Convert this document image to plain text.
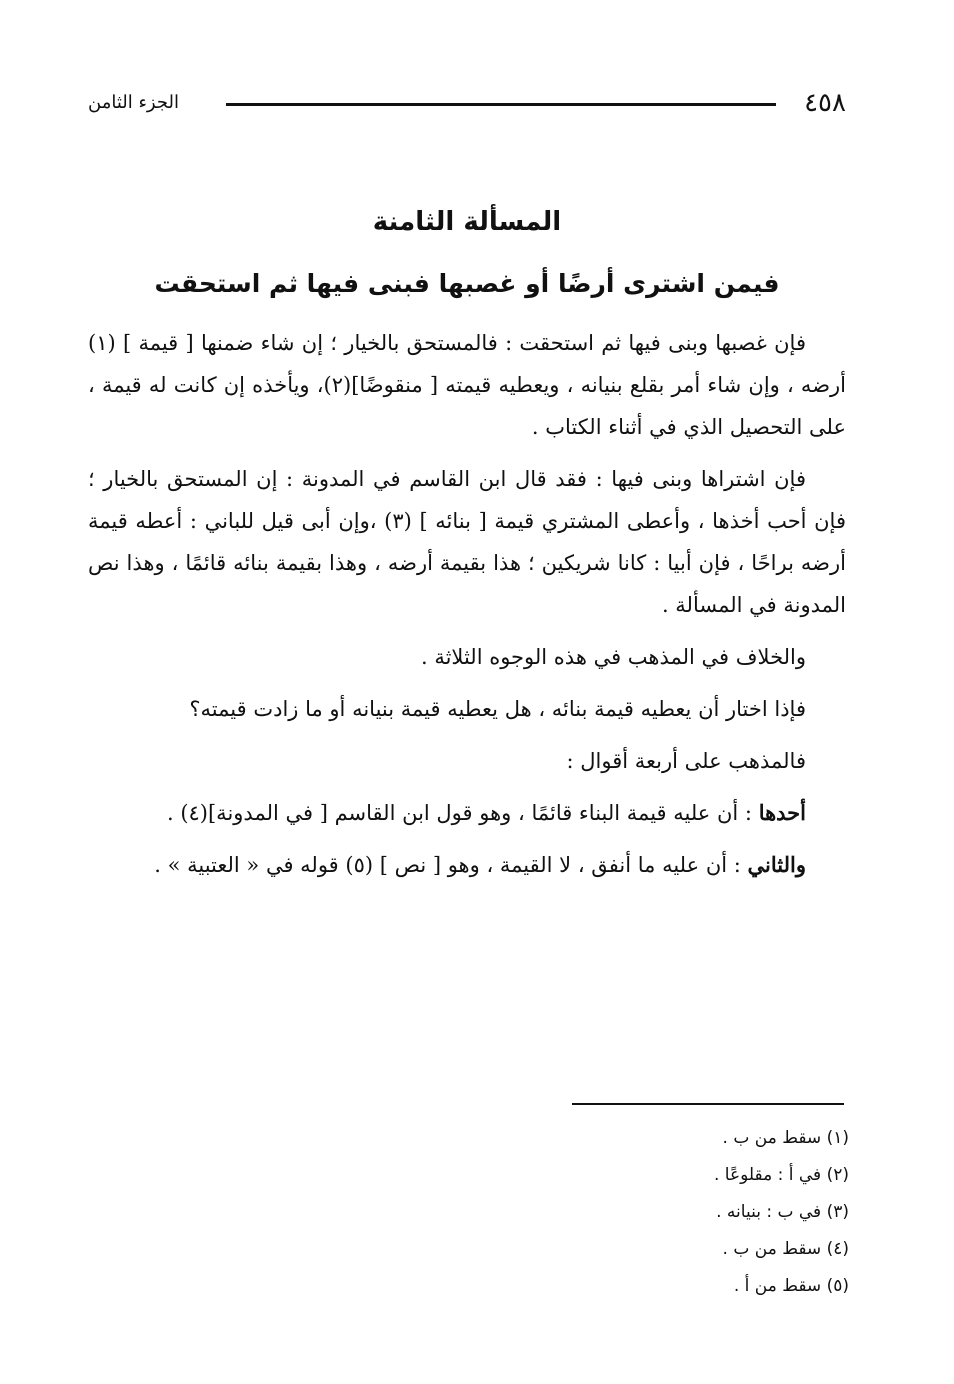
٤٥٨
الجزء الثامن
المسألة الثامنة
فيمن اشترى أرضًا أو غصبها فبنى فيها ثم استحقت

فإن غصبها وبنى فيها ثم استحقت : فالمستحق بالخيار ؛ إن شاء ضمنها [ قيمة ] (١) أرضه ، وإن شاء أمر بقلع بنيانه ، ويعطيه قيمته [ منقوضًا](٢)، ويأخذه إن كانت له قيمة ، على التحصيل الذي في أثناء الكتاب .

فإن اشتراها وبنى فيها : فقد قال ابن القاسم في المدونة : إن المستحق بالخيار ؛ فإن أحب أخذها ، وأعطى المشتري قيمة [ بنائه ] (٣) ،وإن أبى قيل للباني : أعطه قيمة أرضه براحًا ، فإن أبيا : كانا شريكين ؛ هذا بقيمة أرضه ، وهذا بقيمة بنائه قائمًا ، وهذا نص المدونة في المسألة .

والخلاف في المذهب في هذه الوجوه الثلاثة .

فإذا اختار أن يعطيه قيمة بنائه ، هل يعطيه قيمة بنيانه أو ما زادت قيمته؟

فالمذهب على أربعة أقوال :

أحدها : أن عليه قيمة البناء قائمًا ، وهو قول ابن القاسم [ في المدونة](٤) .

والثاني : أن عليه ما أنفق ، لا القيمة ، وهو [ نص ] (٥) قوله في « العتبية » .

(١) سقط من ب .
(٢) في أ : مقلوعًا .
(٣) في ب : بنيانه .
(٤) سقط من ب .
(٥) سقط من أ .
